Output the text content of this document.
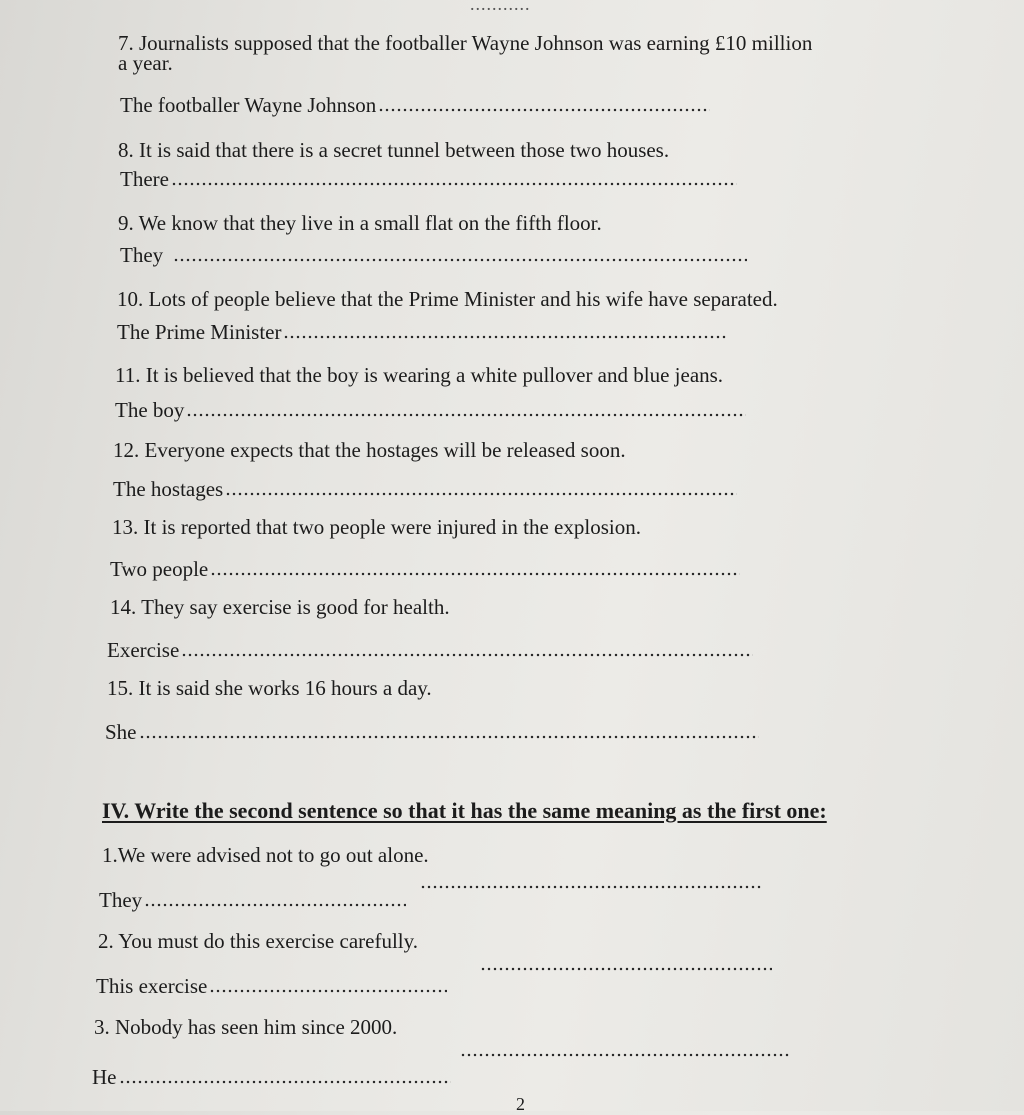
...........
7. Journalists supposed that the footballer Wayne Johnson was earning £10 million
a year.
The footballer Wayne Johnson
8. It is said that there is a secret tunnel between those two houses.
There
9. We know that they live in a small flat on the fifth floor.
They
10. Lots of people believe that the Prime Minister and his wife have separated.
The Prime Minister
11. It is believed that the boy is wearing a white pullover and blue jeans.
The boy
12. Everyone expects that the hostages will be released soon.
The hostages
13. It is reported that two people were injured in the explosion.
Two people
14. They say exercise is good for health.
Exercise
15. It is said she works 16 hours a day.
She
IV. Write the second sentence so that it has the same meaning as the first one:
1.We were advised not to go out alone.
They
2. You must do this exercise carefully.
This exercise
3. Nobody has seen him since 2000.
He
2
